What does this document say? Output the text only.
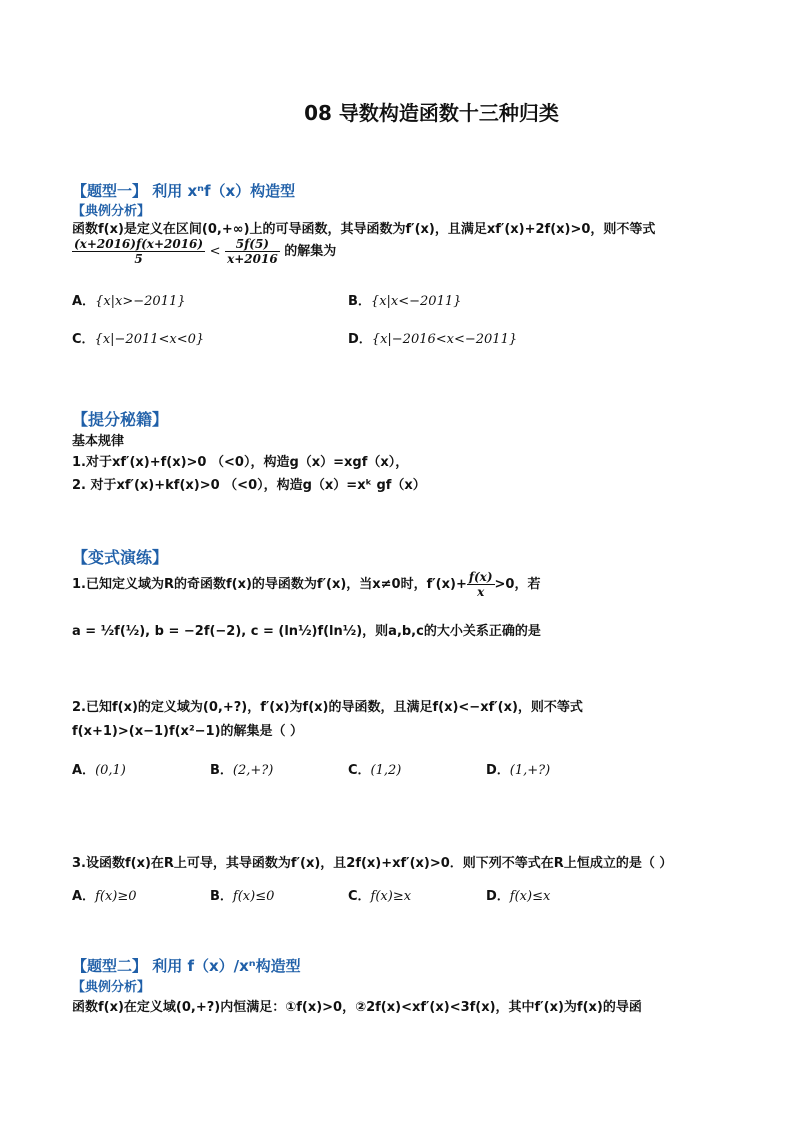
08 导数构造函数十三种归类
【题型一】 利用 xⁿf（x）构造型
【典例分析】
函数f(x)是定义在区间(0,+∞)上的可导函数，其导函数为f′(x)，且满足xf′(x)+2f(x)>0，则不等式
$\frac{(x+2016)f(x+2016)}{5} < \frac{5f(5)}{x+2016}$ 的解集为
A．{x|x>−2011}	B．{x|x<−2011}
C．{x|−2011<x<0}	D．{x|−2016<x<−2011}
【提分秘籍】
基本规律
1.对于xf′(x)+f(x)>0 （<0），构造g（x）=xgf（x），
2. 对于xf′(x)+kf(x)>0 （<0），构造g（x）=xᵏ gf（x）
【变式演练】
1.已知定义域为R的奇函数f(x)的导函数为f′(x)，当x≠0时，$f'(x)+ \frac{f(x)}{x} >0$，若
a = ½f(½), b = −2f(−2), c = (ln½)f(ln½)，则a,b,c的大小关系正确的是
2.已知f(x)的定义域为(0,+?)，f′(x)为f(x)的导函数，且满足f(x)<−xf′(x)，则不等式
f(x+1)>(x−1)f(x²−1)的解集是（ ）
A．(0,1)	B．(2,+?)	C．(1,2)	D．(1,+?)
3.设函数f(x)在R上可导，其导函数为f′(x)，且2f(x)+xf′(x)>0．则下列不等式在R上恒成立的是（ ）
A．f(x)≥0	B．f(x)≤0	C．f(x)≥x	D．f(x)≤x
【题型二】 利用 f（x）/xⁿ构造型
【典例分析】
函数f(x)在定义域(0,+?)内恒满足：①f(x)>0，②2f(x)<xf′(x)<3f(x)，其中f′(x)为f(x)的导函
